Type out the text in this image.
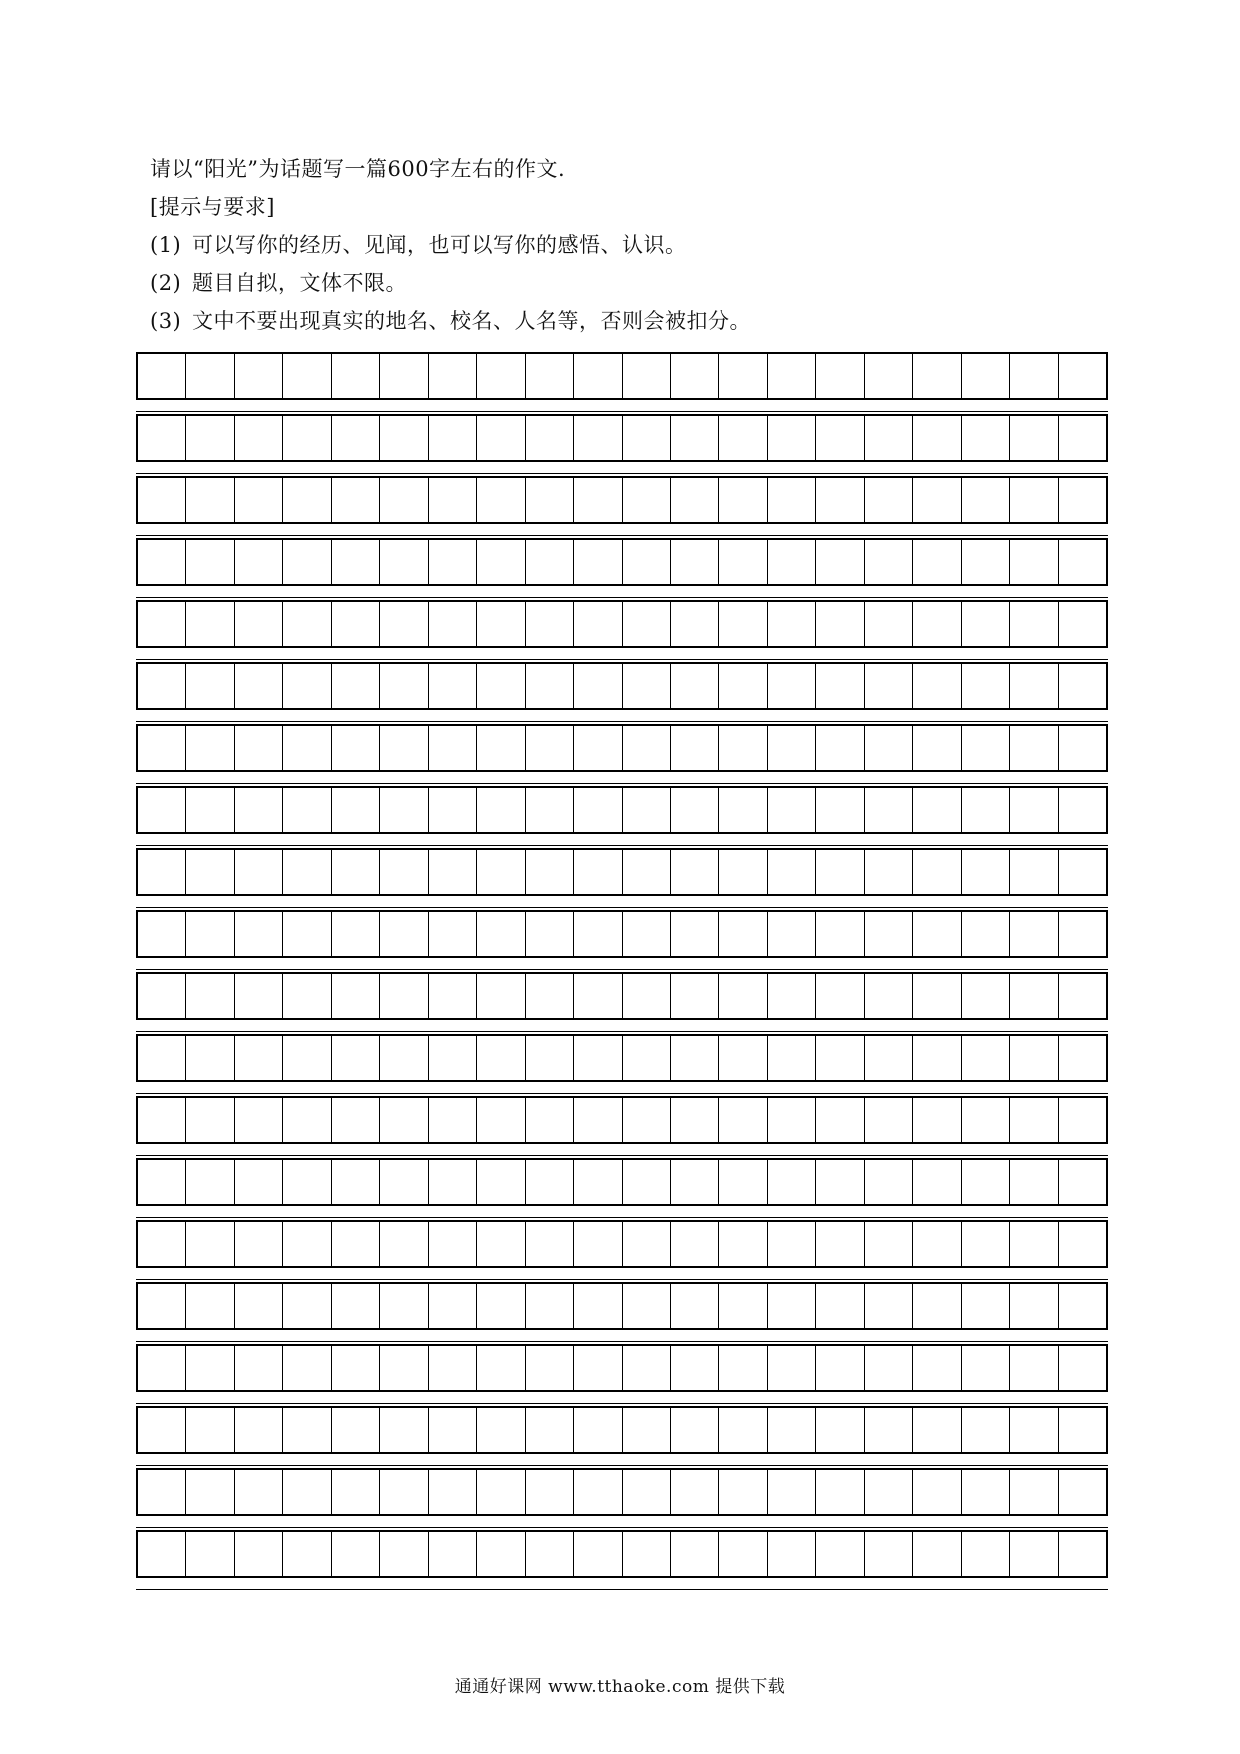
请以“阳光”为话题写一篇600字左右的作文.
[提示与要求]
(1) 可以写你的经历、见闻，也可以写你的感悟、认识。
(2) 题目自拟，文体不限。
(3) 文中不要出现真实的地名、校名、人名等，否则会被扣分。
通通好课网 www.tthaoke.com 提供下载
